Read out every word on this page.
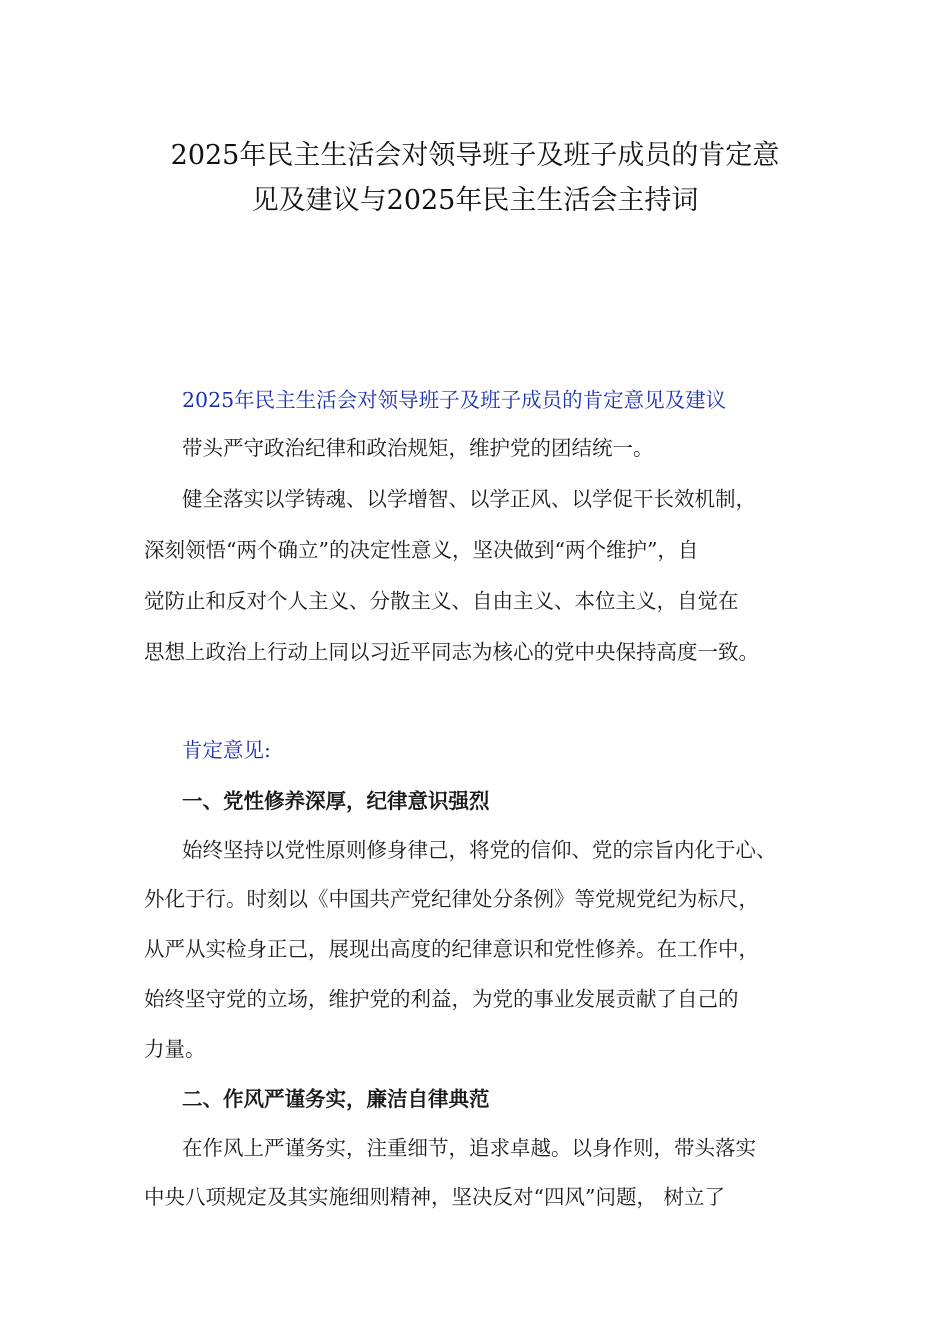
2025年民主生活会对领导班子及班子成员的肯定意
见及建议与2025年民主生活会主持词

2025年民主生活会对领导班子及班子成员的肯定意见及建议

带头严守政治纪律和政治规矩，维护党的团结统一。

健全落实以学铸魂、以学增智、以学正风、以学促干长效机制，

深刻领悟“两个确立”的决定性意义，坚决做到“两个维护”，自

觉防止和反对个人主义、分散主义、自由主义、本位主义，自觉在

思想上政治上行动上同以习近平同志为核心的党中央保持高度一致。

肯定意见:

一、党性修养深厚，纪律意识强烈

始终坚持以党性原则修身律己，将党的信仰、党的宗旨内化于心、

外化于行。时刻以《中国共产党纪律处分条例》等党规党纪为标尺，

从严从实检身正己，展现出高度的纪律意识和党性修养。在工作中，

始终坚守党的立场，维护党的利益，为党的事业发展贡献了自己的

力量。

二、作风严谨务实，廉洁自律典范

在作风上严谨务实，注重细节，追求卓越。以身作则，带头落实

中央八项规定及其实施细则精神，坚决反对“四风”问题， 树立了
